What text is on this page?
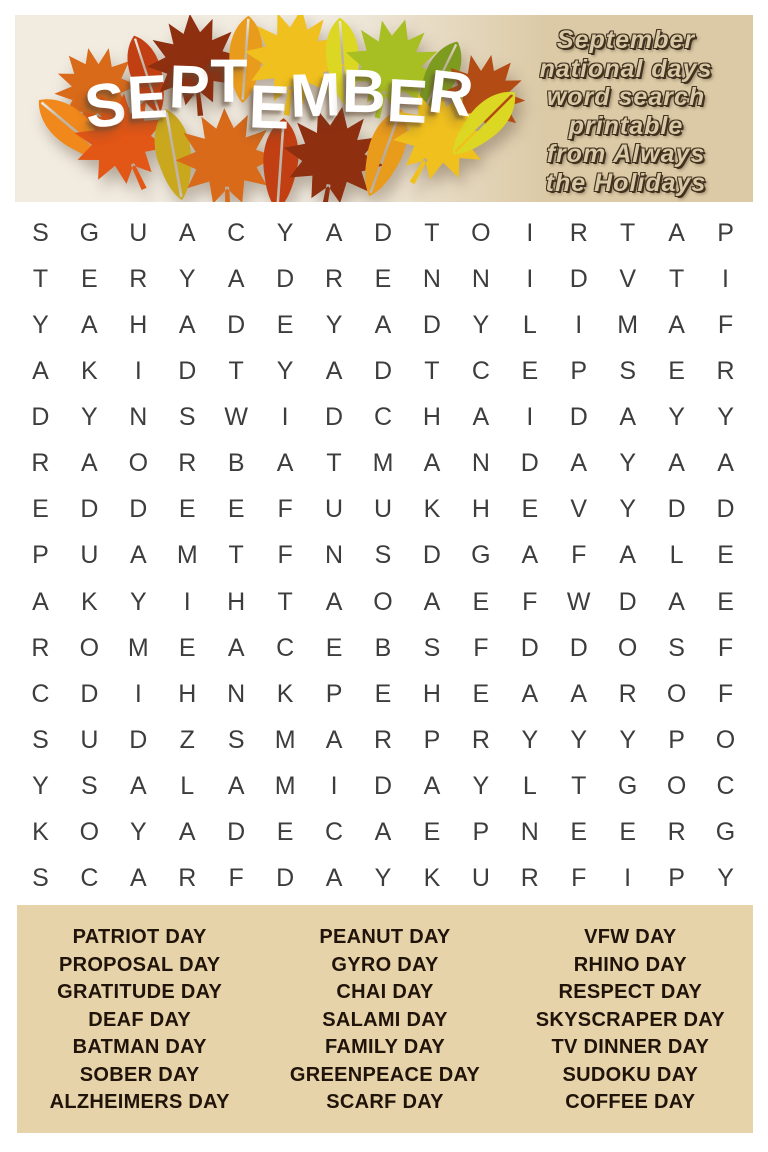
S
E
P T E
M B
E
R
September
national days
word search
printable
from Always
the Holidays
S	G	U	A	C	Y	A	D	T	O	I	R	T	A	P
T	E	R	Y	A	D	R	E	N	N	I	D	V	T	I
Y	A	H	A	D	E	Y	A	D	Y	L	I	M	A	F
A	K	I	D	T	Y	A	D	T	C	E	P	S	E	R
D	Y	N	S	W	I	D	C	H	A	I	D	A	Y	Y
R	A	O	R	B	A	T	M	A	N	D	A	Y	A	A
E	D	D	E	E	F	U	U	K	H	E	V	Y	D	D
P	U	A	M	T	F	N	S	D	G	A	F	A	L	E
A	K	Y	I	H	T	A	O	A	E	F	W	D	A	E
R	O	M	E	A	C	E	B	S	F	D	D	O	S	F
C	D	I	H	N	K	P	E	H	E	A	A	R	O	F
S	U	D	Z	S	M	A	R	P	R	Y	Y	Y	P	O
Y	S	A	L	A	M	I	D	A	Y	L	T	G	O	C
K	O	Y	A	D	E	C	A	E	P	N	E	E	R	G
S	C	A	R	F	D	A	Y	K	U	R	F	I	P	Y
PATRIOT DAY
PROPOSAL DAY
GRATITUDE DAY
DEAF DAY
BATMAN DAY
SOBER DAY
ALZHEIMERS DAY
PEANUT DAY
GYRO DAY
CHAI DAY
SALAMI DAY
FAMILY DAY
GREENPEACE DAY
SCARF DAY
VFW DAY
RHINO DAY
RESPECT DAY
SKYSCRAPER DAY
TV DINNER DAY
SUDOKU DAY
COFFEE DAY
